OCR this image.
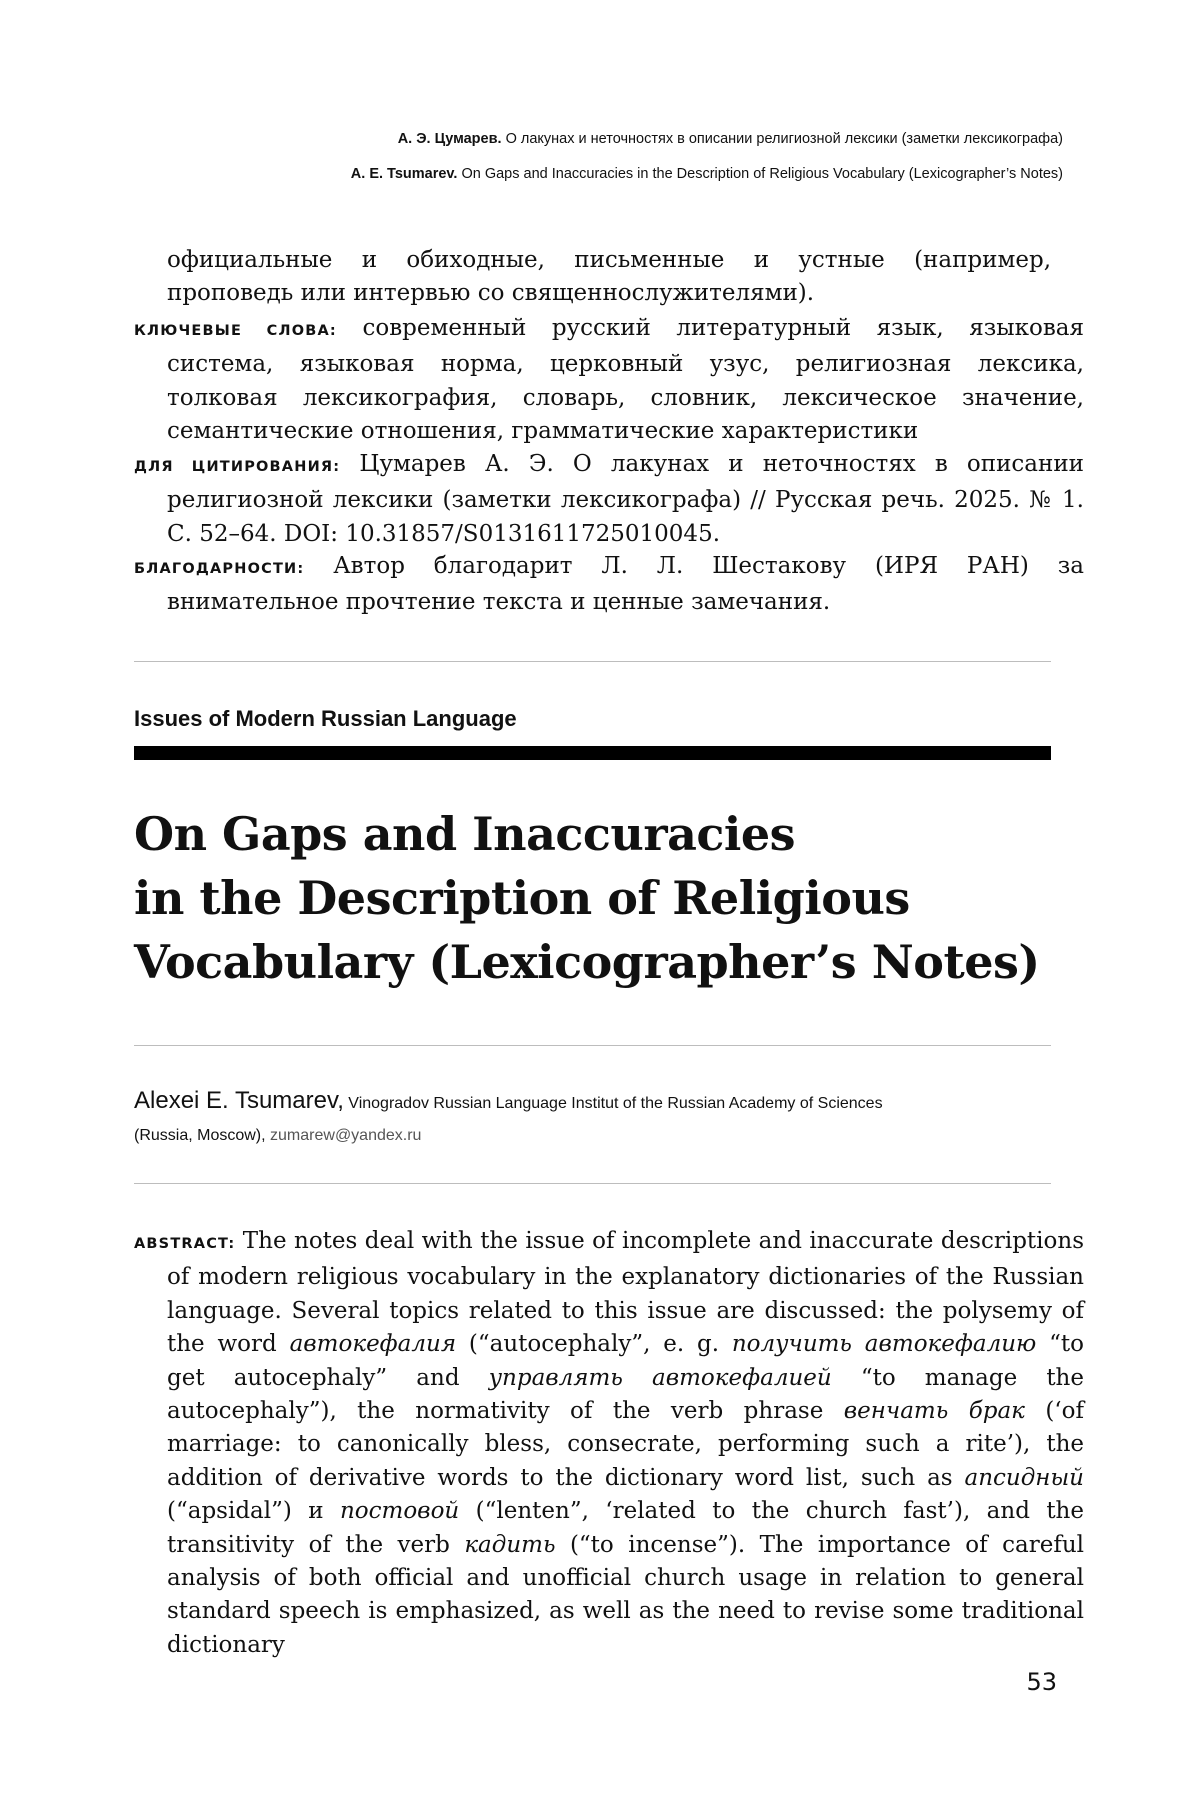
А. Э. Цумарев. О лакунах и неточностях в описании религиозной лексики (заметки лексикографа)
A. E. Tsumarev. On Gaps and Inaccuracies in the Description of Religious Vocabulary (Lexicographer’s Notes)
официальные и обиходные, письменные и устные (например, проповедь или интервью со священнослужителями).
КЛЮЧЕВЫЕ СЛОВА: современный русский литературный язык, языковая система, языковая норма, церковный узус, религиозная лексика, толковая лексикография, словарь, словник, лексическое значение, семантические отношения, грамматические характеристики
ДЛЯ ЦИТИРОВАНИЯ: Цумарев А. Э. О лакунах и неточностях в описании религиозной лексики (заметки лексикографа) // Русская речь. 2025. № 1. С. 52–64. DOI: 10.31857/S0131611725010045.
БЛАГОДАРНОСТИ: Автор благодарит Л. Л. Шестакову (ИРЯ РАН) за внимательное прочтение текста и ценные замечания.
Issues of Modern Russian Language
On Gaps and Inaccuracies
in the Description of Religious
Vocabulary (Lexicographer’s Notes)
Alexei E. Tsumarev, Vinogradov Russian Language Institut of the Russian Academy of Sciences
(Russia, Moscow), zumarew@yandex.ru
ABSTRACT: The notes deal with the issue of incomplete and inaccurate descriptions of modern religious vocabulary in the explanatory dictionaries of the Russian language. Several topics related to this issue are discussed: the polysemy of the word автокефалия (“autocephaly”, e. g. получить автокефалию “to get autocephaly” and управлять автокефалией “to manage the autocephaly”), the normativity of the verb phrase венчать брак (‘of marriage: to canonically bless, consecrate, performing such a rite’), the addition of derivative words to the dictionary word list, such as апсидный (“apsidal”) и постовой (“lenten”, ‘related to the church fast’), and the transitivity of the verb кадить (“to incense”). The importance of careful analysis of both official and unofficial church usage in relation to general standard speech is emphasized, as well as the need to revise some traditional dictionary
53
